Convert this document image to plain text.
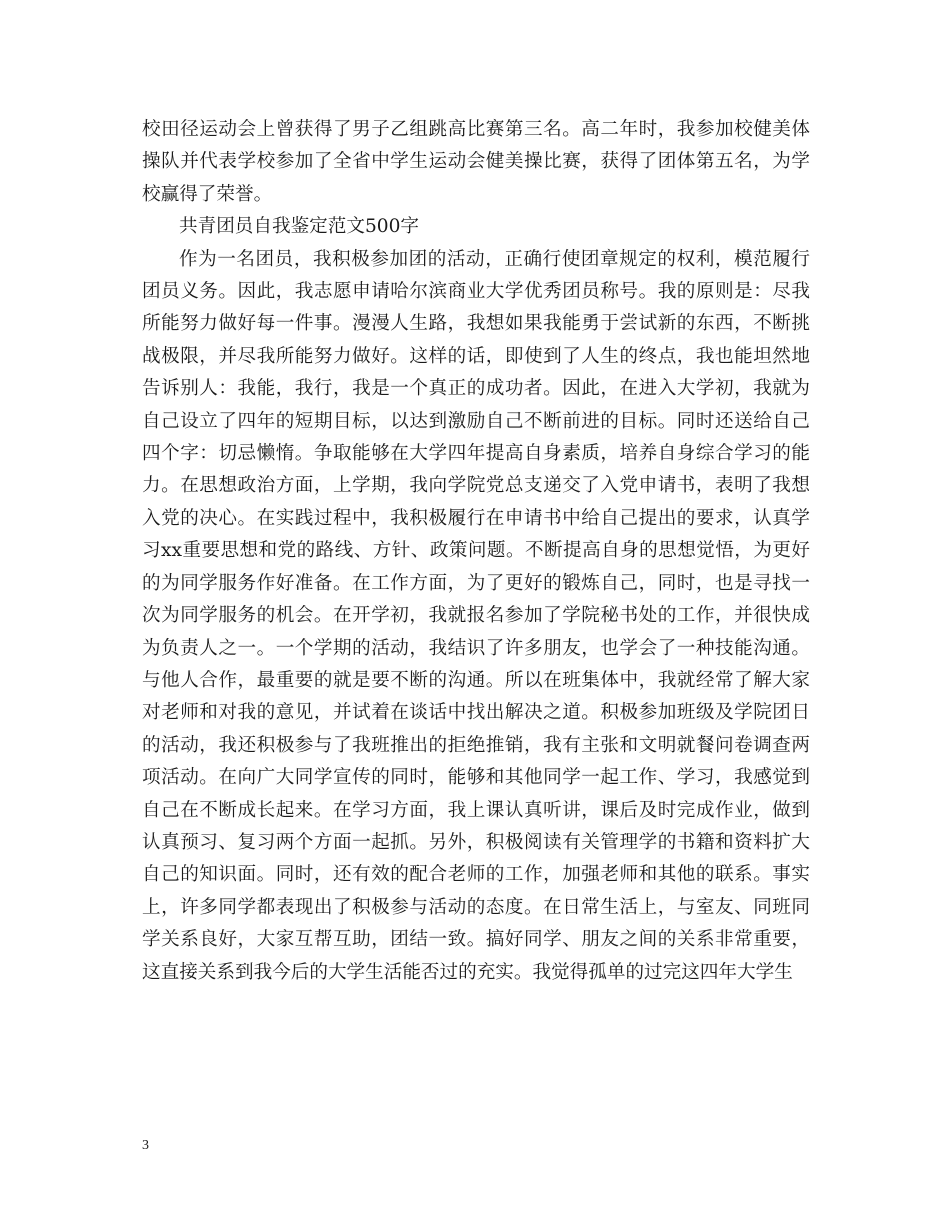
校田径运动会上曾获得了男子乙组跳高比赛第三名。高二年时，我参加校健美体操队并代表学校参加了全省中学生运动会健美操比赛，获得了团体第五名，为学校赢得了荣誉。

共青团员自我鉴定范文500字

作为一名团员，我积极参加团的活动，正确行使团章规定的权利，模范履行团员义务。因此，我志愿申请哈尔滨商业大学优秀团员称号。我的原则是：尽我所能努力做好每一件事。漫漫人生路，我想如果我能勇于尝试新的东西，不断挑战极限，并尽我所能努力做好。这样的话，即使到了人生的终点，我也能坦然地告诉别人：我能，我行，我是一个真正的成功者。因此，在进入大学初，我就为自己设立了四年的短期目标，以达到激励自己不断前进的目标。同时还送给自己四个字：切忌懒惰。争取能够在大学四年提高自身素质，培养自身综合学习的能力。在思想政治方面，上学期，我向学院党总支递交了入党申请书，表明了我想入党的决心。在实践过程中，我积极履行在申请书中给自己提出的要求，认真学习xx重要思想和党的路线、方针、政策问题。不断提高自身的思想觉悟，为更好的为同学服务作好准备。在工作方面，为了更好的锻炼自己，同时，也是寻找一次为同学服务的机会。在开学初，我就报名参加了学院秘书处的工作，并很快成为负责人之一。一个学期的活动，我结识了许多朋友，也学会了一种技能沟通。与他人合作，最重要的就是要不断的沟通。所以在班集体中，我就经常了解大家对老师和对我的意见，并试着在谈话中找出解决之道。积极参加班级及学院团日的活动，我还积极参与了我班推出的拒绝推销，我有主张和文明就餐问卷调查两项活动。在向广大同学宣传的同时，能够和其他同学一起工作、学习，我感觉到自己在不断成长起来。在学习方面，我上课认真听讲，课后及时完成作业，做到认真预习、复习两个方面一起抓。另外，积极阅读有关管理学的书籍和资料扩大自己的知识面。同时，还有效的配合老师的工作，加强老师和其他的联系。事实上，许多同学都表现出了积极参与活动的态度。在日常生活上，与室友、同班同学关系良好，大家互帮互助，团结一致。搞好同学、朋友之间的关系非常重要，这直接关系到我今后的大学生活能否过的充实。我觉得孤单的过完这四年大学生

3
